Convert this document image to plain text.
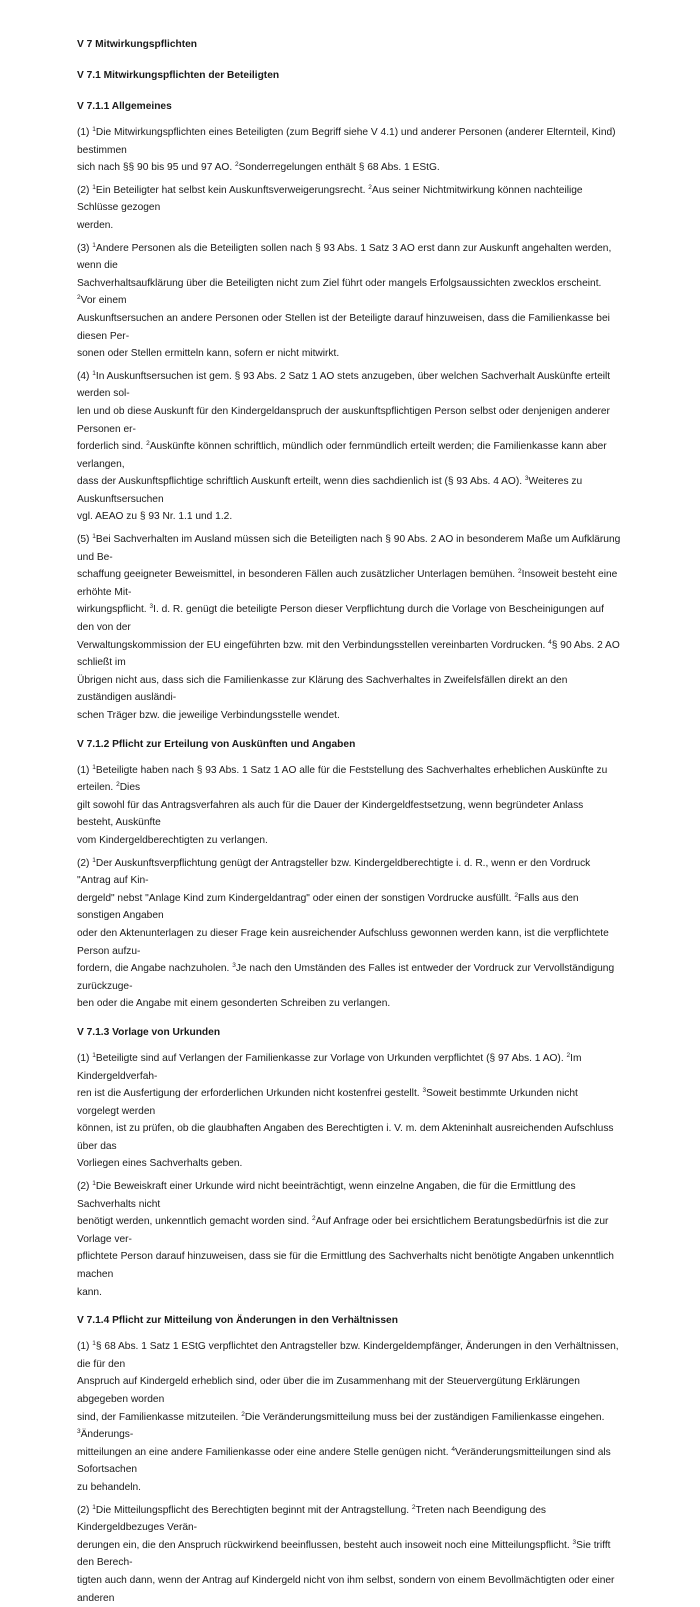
V 7 Mitwirkungspflichten
V 7.1 Mitwirkungspflichten der Beteiligten
V 7.1.1 Allgemeines

(1) $^1$Die Mitwirkungspflichten eines Beteiligten (zum Begriff siehe V 4.1) und anderer Personen (anderer Elternteil, Kind) bestimmen
sich nach §§ 90 bis 95 und 97 AO. $^2$Sonderregelungen enthält § 68 Abs. 1 EStG.

(2) $^1$Ein Beteiligter hat selbst kein Auskunftsverweigerungsrecht. $^2$Aus seiner Nichtmitwirkung können nachteilige Schlüsse gezogen
werden.

(3) $^1$Andere Personen als die Beteiligten sollen nach § 93 Abs. 1 Satz 3 AO erst dann zur Auskunft angehalten werden, wenn die
Sachverhaltsaufklärung über die Beteiligten nicht zum Ziel führt oder mangels Erfolgsaussichten zwecklos erscheint. $^2$Vor einem
Auskunftsersuchen an andere Personen oder Stellen ist der Beteiligte darauf hinzuweisen, dass die Familienkasse bei diesen Per-
sonen oder Stellen ermitteln kann, sofern er nicht mitwirkt.

(4) $^1$In Auskunftsersuchen ist gem. § 93 Abs. 2 Satz 1 AO stets anzugeben, über welchen Sachverhalt Auskünfte erteilt werden sol-
len und ob diese Auskunft für den Kindergeldanspruch der auskunftspflichtigen Person selbst oder denjenigen anderer Personen er-
forderlich sind. $^2$Auskünfte können schriftlich, mündlich oder fernmündlich erteilt werden; die Familienkasse kann aber verlangen,
dass der Auskunftspflichtige schriftlich Auskunft erteilt, wenn dies sachdienlich ist (§ 93 Abs. 4 AO). $^3$Weiteres zu Auskunftsersuchen
vgl. AEAO zu § 93 Nr. 1.1 und 1.2.

(5) $^1$Bei Sachverhalten im Ausland müssen sich die Beteiligten nach § 90 Abs. 2 AO in besonderem Maße um Aufklärung und Be-
schaffung geeigneter Beweismittel, in besonderen Fällen auch zusätzlicher Unterlagen bemühen. $^2$Insoweit besteht eine erhöhte Mit-
wirkungspflicht. $^3$I. d. R. genügt die beteiligte Person dieser Verpflichtung durch die Vorlage von Bescheinigungen auf den von der
Verwaltungskommission der EU eingeführten bzw. mit den Verbindungsstellen vereinbarten Vordrucken. $^4$§ 90 Abs. 2 AO schließt im
Übrigen nicht aus, dass sich die Familienkasse zur Klärung des Sachverhaltes in Zweifelsfällen direkt an den zuständigen ausländi-
schen Träger bzw. die jeweilige Verbindungsstelle wendet.

V 7.1.2 Pflicht zur Erteilung von Auskünften und Angaben

(1) $^1$Beteiligte haben nach § 93 Abs. 1 Satz 1 AO alle für die Feststellung des Sachverhaltes erheblichen Auskünfte zu erteilen. $^2$Dies
gilt sowohl für das Antragsverfahren als auch für die Dauer der Kindergeldfestsetzung, wenn begründeter Anlass besteht, Auskünfte
vom Kindergeldberechtigten zu verlangen.

(2) $^1$Der Auskunftsverpflichtung genügt der Antragsteller bzw. Kindergeldberechtigte i. d. R., wenn er den Vordruck "Antrag auf Kin-
dergeld" nebst "Anlage Kind zum Kindergeldantrag" oder einen der sonstigen Vordrucke ausfüllt. $^2$Falls aus den sonstigen Angaben
oder den Aktenunterlagen zu dieser Frage kein ausreichender Aufschluss gewonnen werden kann, ist die verpflichtete Person aufzu-
fordern, die Angabe nachzuholen. $^3$Je nach den Umständen des Falles ist entweder der Vordruck zur Vervollständigung zurückzuge-
ben oder die Angabe mit einem gesonderten Schreiben zu verlangen.

V 7.1.3 Vorlage von Urkunden

(1) $^1$Beteiligte sind auf Verlangen der Familienkasse zur Vorlage von Urkunden verpflichtet (§ 97 Abs. 1 AO). $^2$Im Kindergeldverfah-
ren ist die Ausfertigung der erforderlichen Urkunden nicht kostenfrei gestellt. $^3$Soweit bestimmte Urkunden nicht vorgelegt werden
können, ist zu prüfen, ob die glaubhaften Angaben des Berechtigten i. V. m. dem Akteninhalt ausreichenden Aufschluss über das
Vorliegen eines Sachverhalts geben.

(2) $^1$Die Beweiskraft einer Urkunde wird nicht beeinträchtigt, wenn einzelne Angaben, die für die Ermittlung des Sachverhalts nicht
benötigt werden, unkenntlich gemacht worden sind. $^2$Auf Anfrage oder bei ersichtlichem Beratungsbedürfnis ist die zur Vorlage ver-
pflichtete Person darauf hinzuweisen, dass sie für die Ermittlung des Sachverhalts nicht benötigte Angaben unkenntlich machen
kann.

V 7.1.4 Pflicht zur Mitteilung von Änderungen in den Verhältnissen

(1) $^1$§ 68 Abs. 1 Satz 1 EStG verpflichtet den Antragsteller bzw. Kindergeldempfänger, Änderungen in den Verhältnissen, die für den
Anspruch auf Kindergeld erheblich sind, oder über die im Zusammenhang mit der Steuervergütung Erklärungen abgegeben worden
sind, der Familienkasse mitzuteilen. $^2$Die Veränderungsmitteilung muss bei der zuständigen Familienkasse eingehen. $^3$Änderungs-
mitteilungen an eine andere Familienkasse oder eine andere Stelle genügen nicht. $^4$Veränderungsmitteilungen sind als Sofortsachen
zu behandeln.

(2) $^1$Die Mitteilungspflicht des Berechtigten beginnt mit der Antragstellung. $^2$Treten nach Beendigung des Kindergeldbezuges Verän-
derungen ein, die den Anspruch rückwirkend beeinflussen, besteht auch insoweit noch eine Mitteilungspflicht. $^3$Sie trifft den Berech-
tigten auch dann, wenn der Antrag auf Kindergeld nicht von ihm selbst, sondern von einem Bevollmächtigten oder einer anderen
